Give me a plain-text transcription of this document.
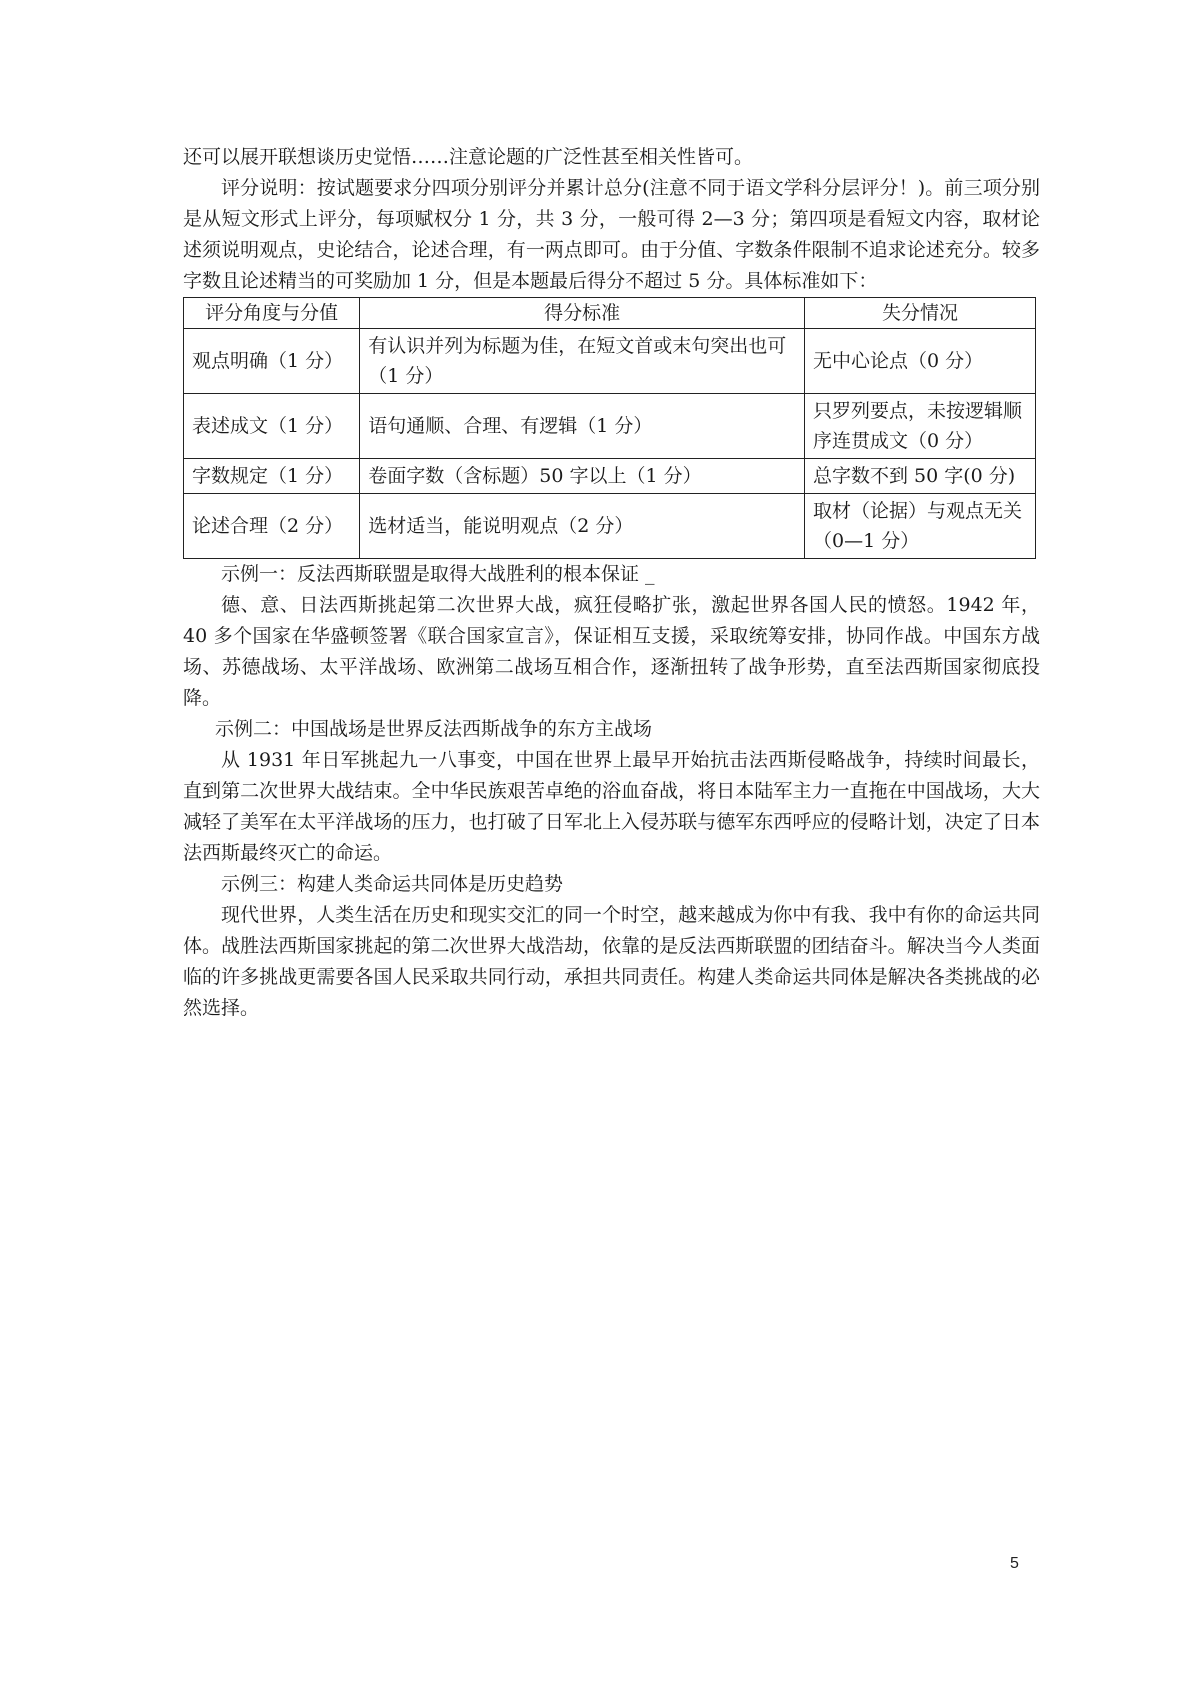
还可以展开联想谈历史觉悟……注意论题的广泛性甚至相关性皆可。

评分说明：按试题要求分四项分别评分并累计总分(注意不同于语文学科分层评分！)。前三项分别是从短文形式上评分，每项赋权分 1 分，共 3 分，一般可得 2—3 分；第四项是看短文内容，取材论述须说明观点，史论结合，论述合理，有一两点即可。由于分值、字数条件限制不追求论述充分。较多字数且论述精当的可奖励加 1 分，但是本题最后得分不超过 5 分。具体标准如下：

评分角度与分值	得分标准	失分情况
观点明确（1 分）	有认识并列为标题为佳，在短文首或末句突出也可（1 分）	无中心论点（0 分）
表述成文（1 分）	语句通顺、合理、有逻辑（1 分）	只罗列要点，未按逻辑顺序连贯成文（0 分）
字数规定（1 分）	卷面字数（含标题）50 字以上（1 分）	总字数不到 50 字(0 分)
论述合理（2 分）	选材适当，能说明观点（2 分）	取材（论据）与观点无关（0—1 分）

示例一：反法西斯联盟是取得大战胜利的根本保证 _

德、意、日法西斯挑起第二次世界大战，疯狂侵略扩张，激起世界各国人民的愤怒。1942 年，40 多个国家在华盛顿签署《联合国家宣言》，保证相互支援，采取统筹安排，协同作战。中国东方战场、苏德战场、太平洋战场、欧洲第二战场互相合作，逐渐扭转了战争形势，直至法西斯国家彻底投降。

示例二：中国战场是世界反法西斯战争的东方主战场

从 1931 年日军挑起九一八事变，中国在世界上最早开始抗击法西斯侵略战争，持续时间最长，直到第二次世界大战结束。全中华民族艰苦卓绝的浴血奋战，将日本陆军主力一直拖在中国战场，大大减轻了美军在太平洋战场的压力，也打破了日军北上入侵苏联与德军东西呼应的侵略计划，决定了日本法西斯最终灭亡的命运。

示例三：构建人类命运共同体是历史趋势

现代世界，人类生活在历史和现实交汇的同一个时空，越来越成为你中有我、我中有你的命运共同体。战胜法西斯国家挑起的第二次世界大战浩劫，依靠的是反法西斯联盟的团结奋斗。解决当今人类面临的许多挑战更需要各国人民采取共同行动，承担共同责任。构建人类命运共同体是解决各类挑战的必然选择。

5
